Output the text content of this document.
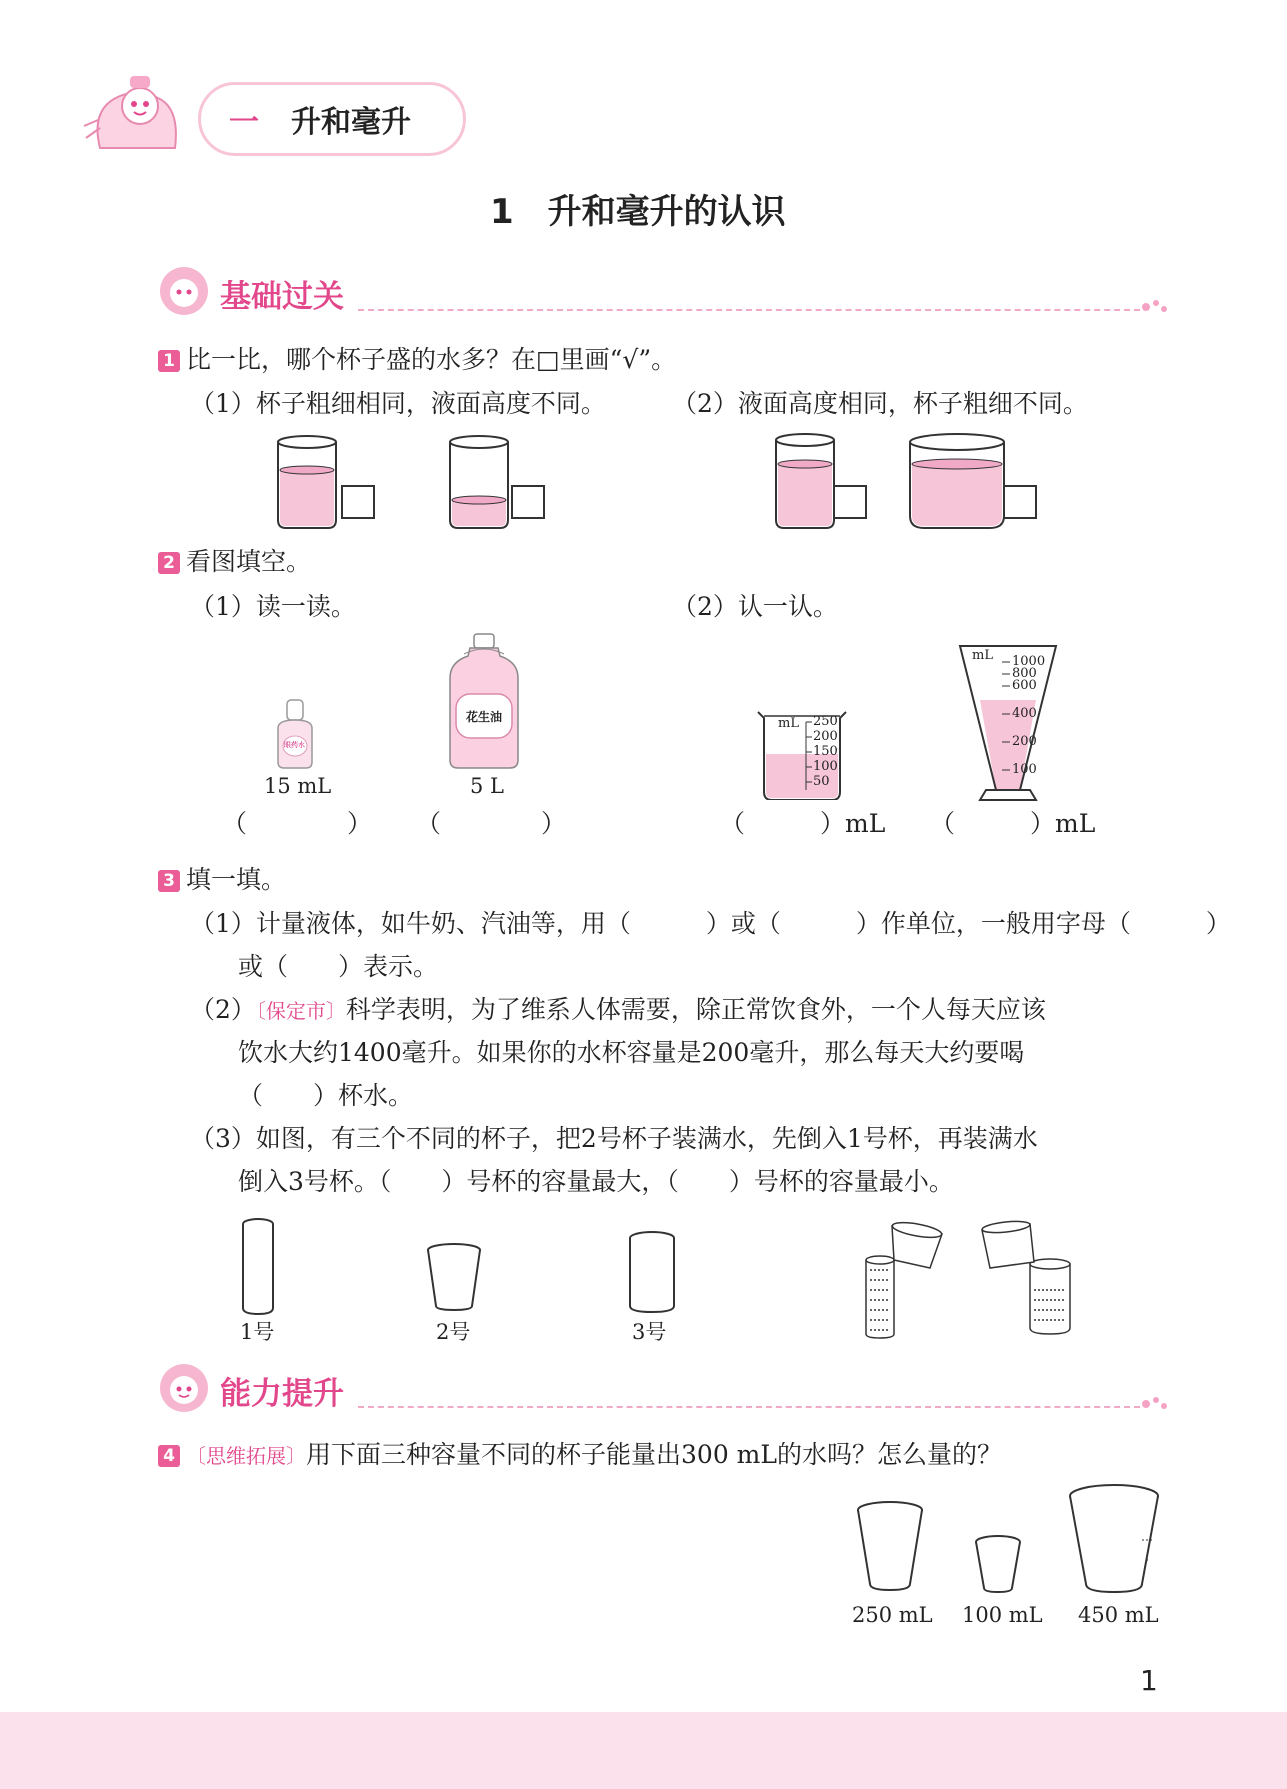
一 升和毫升
1　升和毫升的认识
基础过关
1 比一比，哪个杯子盛的水多？在□里画“√”。
（1）杯子粗细相同，液面高度不同。	（2）液面高度相同，杯子粗细不同。
2 看图填空。
（1）读一读。	（2）认一认。
眼药水
15 mL
花生油
5 L
mL 250
200
150
100
50
mL 1000
800
600
400
200
100
（　　　　） （　　　　）	（　　　）mL （　　　）mL
3 填一填。
（1）计量液体，如牛奶、汽油等，用（　　　）或（　　　）作单位，一般用字母（　　　）
或（　　）表示。
（2）〔保定市〕科学表明，为了维系人体需要，除正常饮食外，一个人每天应该
饮水大约1400毫升。如果你的水杯容量是200毫升，那么每天大约要喝
（　　）杯水。
（3）如图，有三个不同的杯子，把2号杯子装满水，先倒入1号杯，再装满水
倒入3号杯。（　　）号杯的容量最大，（　　）号杯的容量最小。
1号	2号	3号
能力提升
4 〔思维拓展〕用下面三种容量不同的杯子能量出300 mL的水吗？怎么量的？
250 mL 100 mL 450 mL
1
